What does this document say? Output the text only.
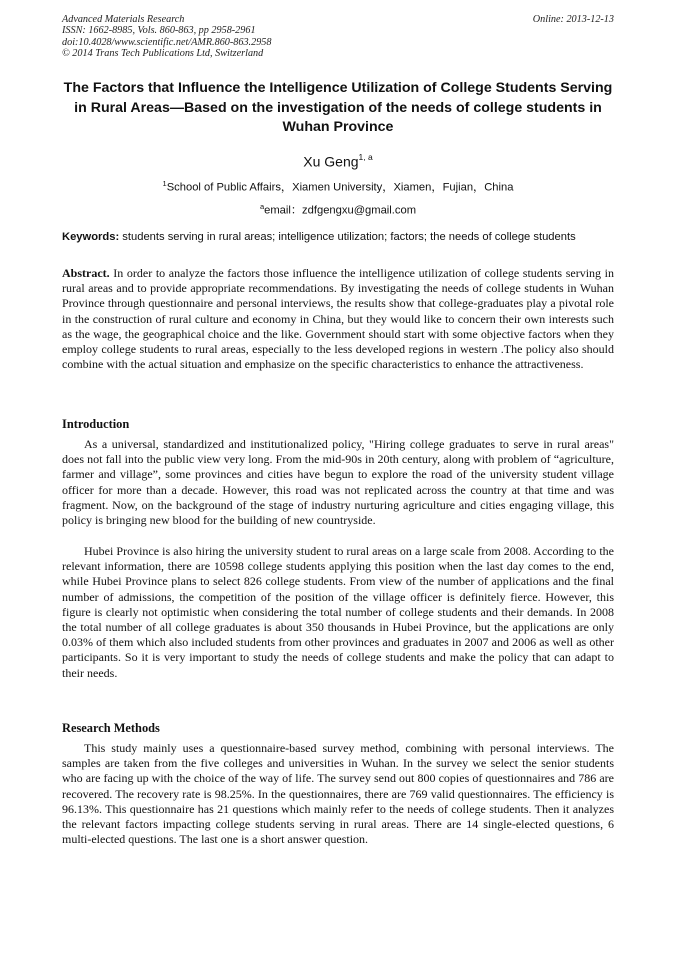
Advanced Materials Research
ISSN: 1662-8985, Vols. 860-863, pp 2958-2961
doi:10.4028/www.scientific.net/AMR.860-863.2958
© 2014 Trans Tech Publications Ltd, Switzerland
Online: 2013-12-13
The Factors that Influence the Intelligence Utilization of College Students Serving in Rural Areas—Based on the investigation of the needs of college students in Wuhan Province
Xu Geng$^{1, a}$
$^1$School of Public Affairs，Xiamen University，Xiamen，Fujian，China
$^a$email：zdfgengxu@gmail.com
Keywords: students serving in rural areas; intelligence utilization; factors; the needs of college students
Abstract. In order to analyze the factors those influence the intelligence utilization of college students serving in rural areas and to provide appropriate recommendations. By investigating the needs of college students in Wuhan Province through questionnaire and personal interviews, the results show that college-graduates play a pivotal role in the construction of rural culture and economy in China, but they would like to concern their own interests such as the wage, the geographical choice and the like. Government should start with some objective factors when they employ college students to rural areas, especially to the less developed regions in western .The policy also should combine with the actual situation and emphasize on the specific characteristics to enhance the attractiveness.
Introduction

As a universal, standardized and institutionalized policy, "Hiring college graduates to serve in rural areas" does not fall into the public view very long. From the mid-90s in 20th century, along with problem of “agriculture, farmer and village”, some provinces and cities have begun to explore the road of the university student village officer for more than a decade. However, this road was not replicated across the country at that time and was fragment. Now, on the background of the stage of industry nurturing agriculture and cities engaging village, this policy is bringing new blood for the building of new countryside.

Hubei Province is also hiring the university student to rural areas on a large scale from 2008. According to the relevant information, there are 10598 college students applying this position when the last day comes to the end, while Hubei Province plans to select 826 college students. From view of the number of applications and the final number of admissions, the competition of the position of the village officer is definitely fierce. However, this figure is clearly not optimistic when considering the total number of college students and their demands. In 2008 the total number of all college graduates is about 350 thousands in Hubei Province, but the applications are only 0.03% of them which also included students from other provinces and graduates in 2007 and 2006 as well as other participants. So it is very important to study the needs of college students and make the policy that can adapt to their needs.

Research Methods

This study mainly uses a questionnaire-based survey method, combining with personal interviews. The samples are taken from the five colleges and universities in Wuhan. In the survey we select the senior students who are facing up with the choice of the way of life. The survey send out 800 copies of questionnaires and 786 are recovered. The recovery rate is 98.25%. In the questionnaires, there are 769 valid questionnaires. The efficiency is 96.13%. This questionnaire has 21 questions which mainly refer to the needs of college students. Then it analyzes the relevant factors impacting college students serving in rural areas. There are 14 single-elected questions, 6 multi-elected questions. The last one is a short answer question.
